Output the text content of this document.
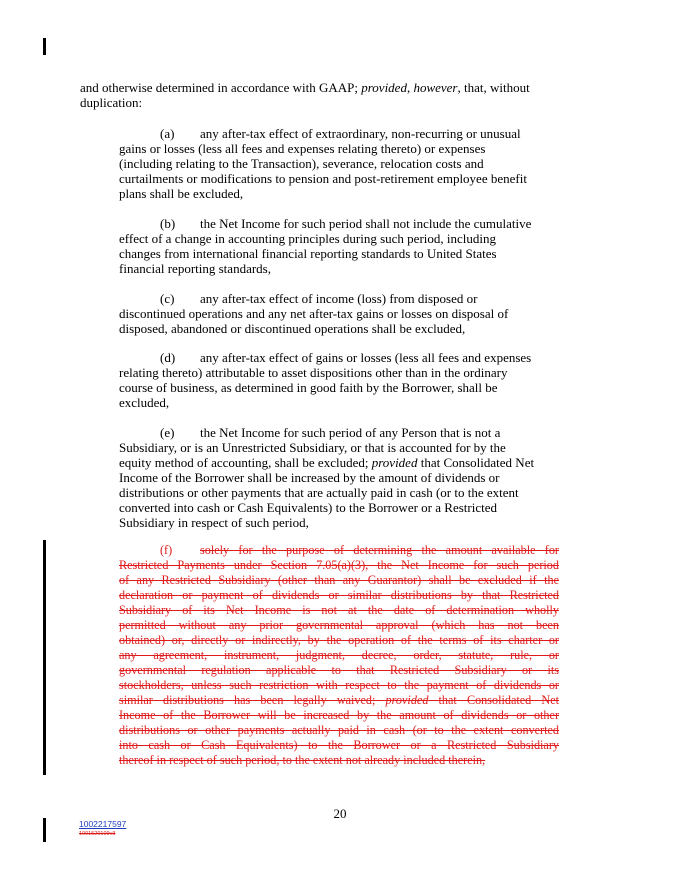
and otherwise determined in accordance with GAAP; provided, however, that, without
duplication:
(a) any after-tax effect of extraordinary, non-recurring or unusual
gains or losses (less all fees and expenses relating thereto) or expenses
(including relating to the Transaction), severance, relocation costs and
curtailments or modifications to pension and post-retirement employee benefit
plans shall be excluded,
(b) the Net Income for such period shall not include the cumulative
effect of a change in accounting principles during such period, including
changes from international financial reporting standards to United States
financial reporting standards,
(c) any after-tax effect of income (loss) from disposed or
discontinued operations and any net after-tax gains or losses on disposal of
disposed, abandoned or discontinued operations shall be excluded,
(d) any after-tax effect of gains or losses (less all fees and expenses
relating thereto) attributable to asset dispositions other than in the ordinary
course of business, as determined in good faith by the Borrower, shall be
excluded,
(e) the Net Income for such period of any Person that is not a
Subsidiary, or is an Unrestricted Subsidiary, or that is accounted for by the
equity method of accounting, shall be excluded; provided that Consolidated Net
Income of the Borrower shall be increased by the amount of dividends or
distributions or other payments that are actually paid in cash (or to the extent
converted into cash or Cash Equivalents) to the Borrower or a Restricted
Subsidiary in respect of such period,
(f) solely for the purpose of determining the amount available for
Restricted Payments under Section 7.05(a)(3), the Net Income for such period
of any Restricted Subsidiary (other than any Guarantor) shall be excluded if the
declaration or payment of dividends or similar distributions by that Restricted
Subsidiary of its Net Income is not at the date of determination wholly
permitted without any prior governmental approval (which has not been
obtained) or, directly or indirectly, by the operation of the terms of its charter or
any agreement, instrument, judgment, decree, order, statute, rule, or
governmental regulation applicable to that Restricted Subsidiary or its
stockholders, unless such restriction with respect to the payment of dividends or
similar distributions has been legally waived; provided that Consolidated Net
Income of the Borrower will be increased by the amount of dividends or other
distributions or other payments actually paid in cash (or to the extent converted
into cash or Cash Equivalents) to the Borrower or a Restricted Subsidiary
thereof in respect of such period, to the extent not already included therein,
20
1002217597
1001520109v3
